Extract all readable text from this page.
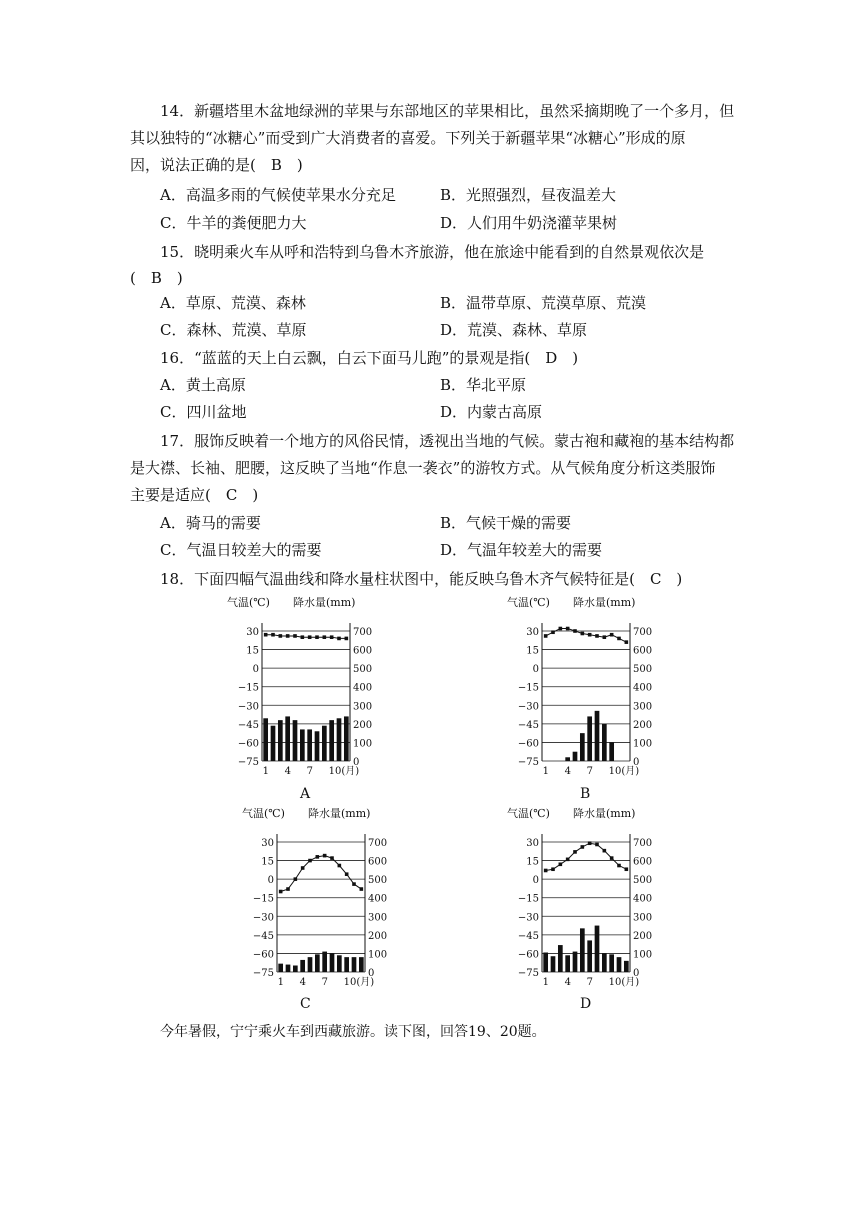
14．新疆塔里木盆地绿洲的苹果与东部地区的苹果相比，虽然采摘期晚了一个多月，但
其以独特的“冰糖心”而受到广大消费者的喜爱。下列关于新疆苹果“冰糖心”形成的原
因，说法正确的是(　B　)
A．高温多雨的气候使苹果水分充足	B．光照强烈，昼夜温差大
C．牛羊的粪便肥力大	D．人们用牛奶浇灌苹果树
15．晓明乘火车从呼和浩特到乌鲁木齐旅游，他在旅途中能看到的自然景观依次是
(　B　)
A．草原、荒漠、森林	B．温带草原、荒漠草原、荒漠
C．森林、荒漠、草原	D．荒漠、森林、草原
16．“蓝蓝的天上白云飘，白云下面马儿跑”的景观是指(　D　)
A．黄土高原	B．华北平原
C．四川盆地	D．内蒙古高原
17．服饰反映着一个地方的风俗民情，透视出当地的气候。蒙古袍和藏袍的基本结构都
是大襟、长袖、肥腰，这反映了当地“作息一袭衣”的游牧方式。从气候角度分析这类服饰
主要是适应(　C　)
A．骑马的需要	B．气候干燥的需要
C．气温日较差大的需要	D．气温年较差大的需要
18．下面四幅气温曲线和降水量柱状图中，能反映乌鲁木齐气候特征是(　C　)
气温(℃) 降水量(mm)
30	700
15	600
0	500
−15	400
−30	300
−45	200
−60	100
−75	0
1 4 7 10(月)
气温(℃) 降水量(mm)
30	700
15	600
0	500
−15	400
−30	300
−45	200
−60	100
−75	0
1 4 7 10(月)
气温(℃) 降水量(mm)
30	700
15	600
0	500
−15	400
−30	300
−45	200
−60	100
−75	0
1 4 7 10(月)
气温(℃) 降水量(mm)
30	700
15	600
0	500
−15	400
−30	300
−45	200
−60	100
−75	0
1 4 7 10(月)
A	B
C	D
今年暑假，宁宁乘火车到西藏旅游。读下图，回答19、20题。
